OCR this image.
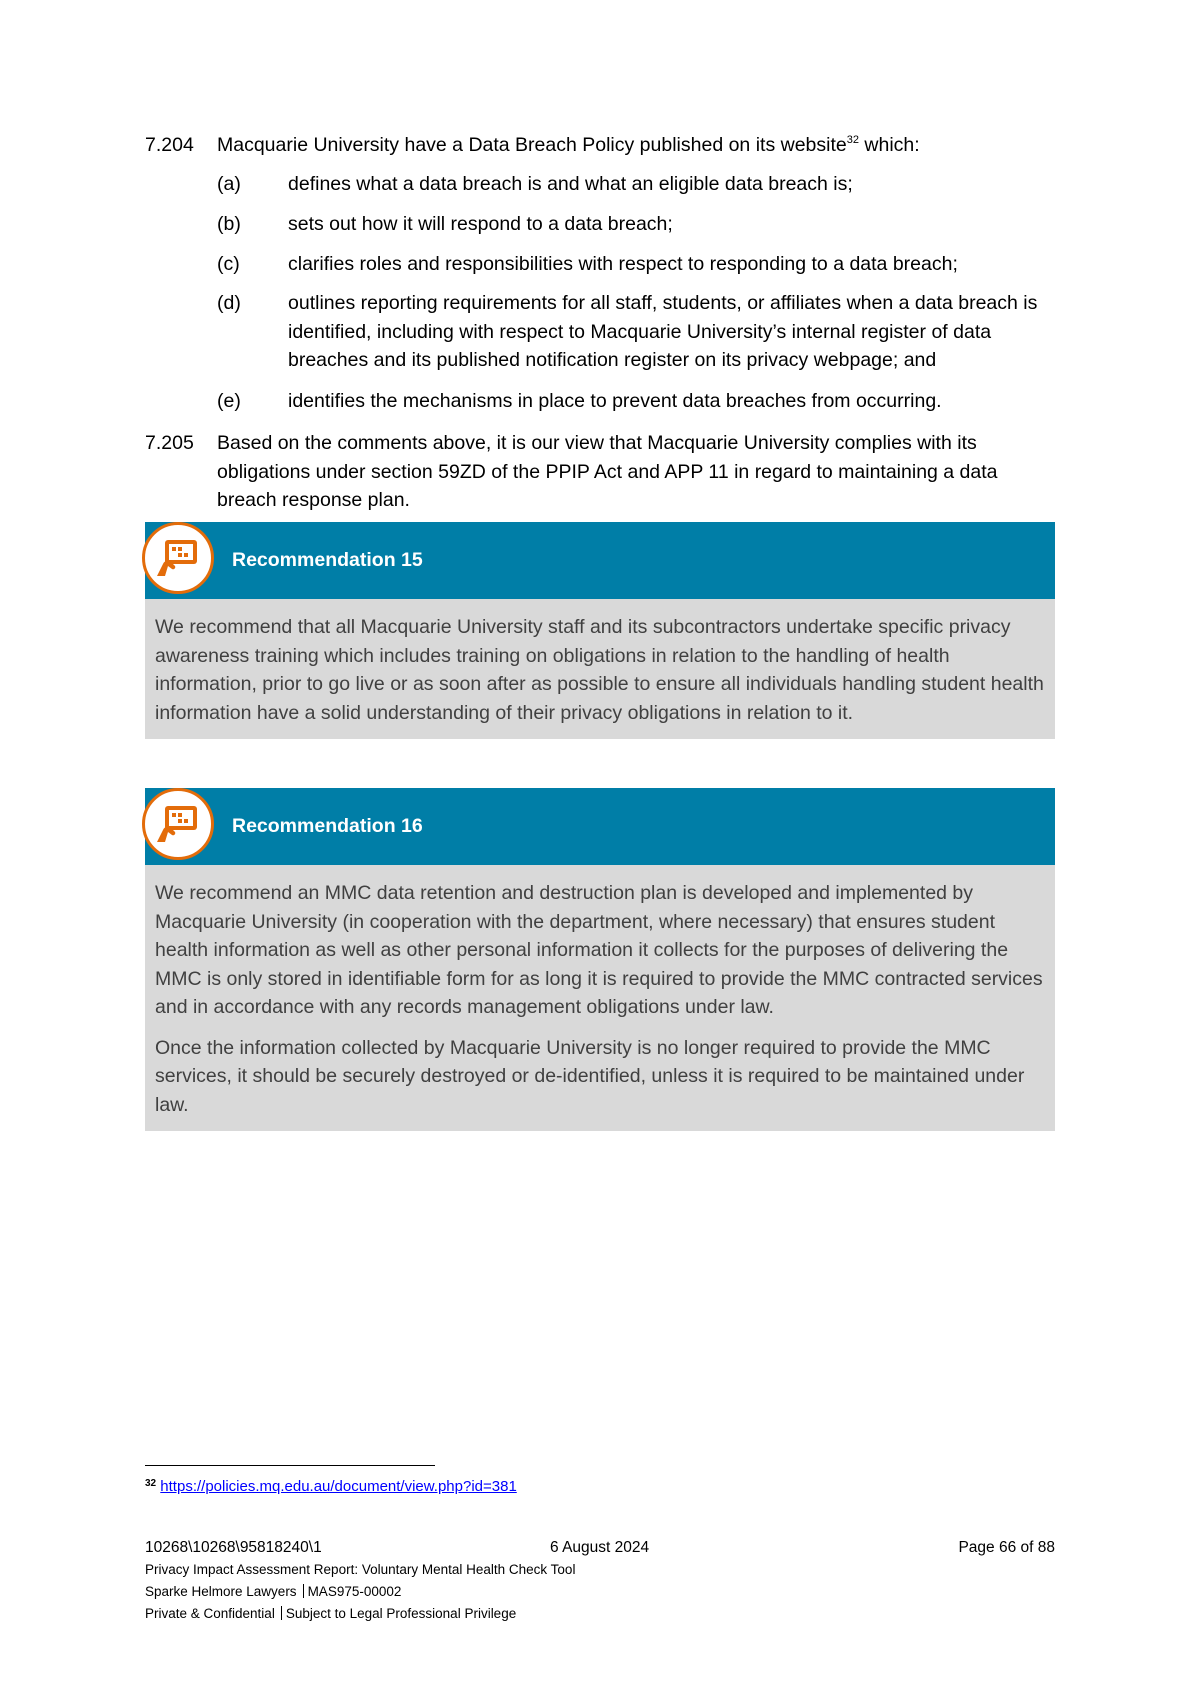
7.204	Macquarie University have a Data Breach Policy published on its website$^{32}$ which:
(a)	defines what a data breach is and what an eligible data breach is;
(b)	sets out how it will respond to a data breach;
(c)	clarifies roles and responsibilities with respect to responding to a data breach;
(d)	outlines reporting requirements for all staff, students, or affiliates when a data breach is identified, including with respect to Macquarie University’s internal register of data breaches and its published notification register on its privacy webpage; and
(e)	identifies the mechanisms in place to prevent data breaches from occurring.
7.205	Based on the comments above, it is our view that Macquarie University complies with its obligations under section 59ZD of the PPIP Act and APP 11 in regard to maintaining a data breach response plan.
Recommendation 15

We recommend that all Macquarie University staff and its subcontractors undertake specific privacy awareness training which includes training on obligations in relation to the handling of health information, prior to go live or as soon after as possible to ensure all individuals handling student health information have a solid understanding of their privacy obligations in relation to it.

Recommendation 16

We recommend an MMC data retention and destruction plan is developed and implemented by Macquarie University (in cooperation with the department, where necessary) that ensures student health information as well as other personal information it collects for the purposes of delivering the MMC is only stored in identifiable form for as long it is required to provide the MMC contracted services and in accordance with any records management obligations under law.

Once the information collected by Macquarie University is no longer required to provide the MMC services, it should be securely destroyed or de-identified, unless it is required to be maintained under law.

$^{32}$ https://policies.mq.edu.au/document/view.php?id=381
10268\10268\95818240\1	6 August 2024	Page 66 of 88
Privacy Impact Assessment Report: Voluntary Mental Health Check Tool
Sparke Helmore Lawyers MAS975-00002
Private & Confidential Subject to Legal Professional Privilege
